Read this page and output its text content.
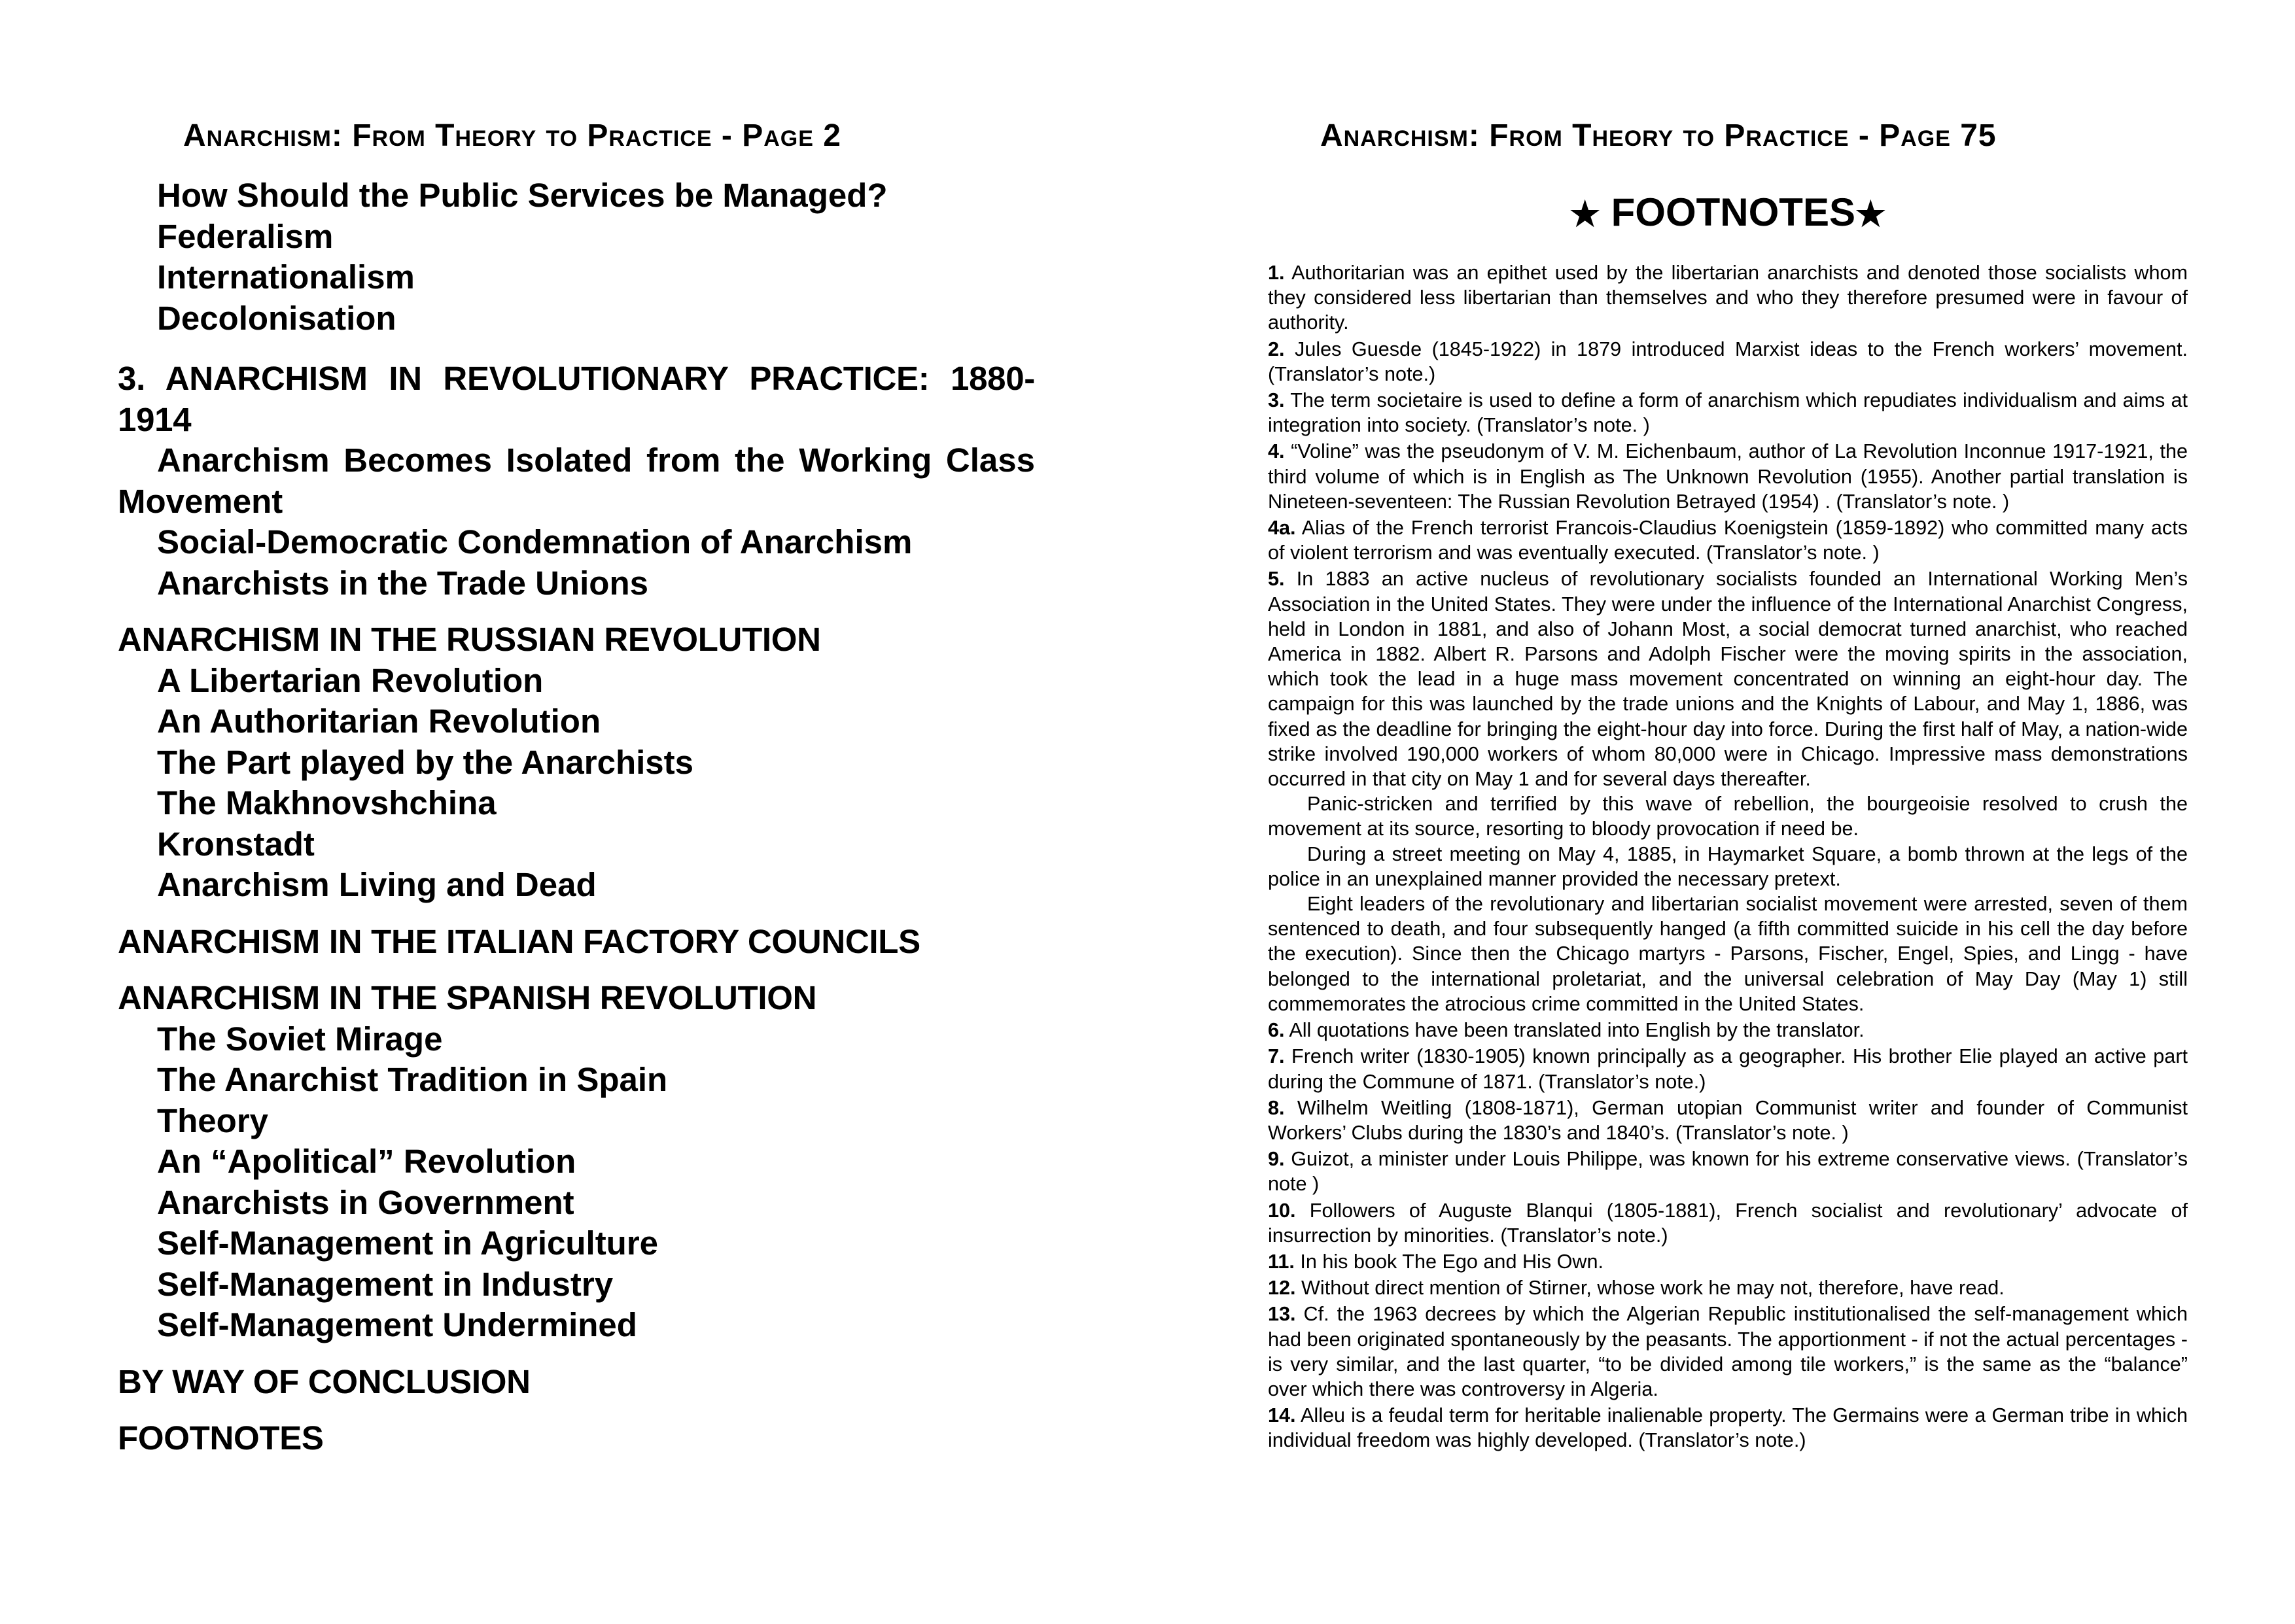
Anarchism: From Theory to Practice - Page 2
How Should the Public Services be Managed?
Federalism
Internationalism
Decolonisation
3. ANARCHISM IN REVOLUTIONARY PRACTICE: 1880-1914
Anarchism Becomes Isolated from the Working Class Movement
Social-Democratic Condemnation of Anarchism
Anarchists in the Trade Unions
ANARCHISM IN THE RUSSIAN REVOLUTION
A Libertarian Revolution
An Authoritarian Revolution
The Part played by the Anarchists
The Makhnovshchina
Kronstadt
Anarchism Living and Dead
ANARCHISM IN THE ITALIAN FACTORY COUNCILS
ANARCHISM IN THE SPANISH REVOLUTION
The Soviet Mirage
The Anarchist Tradition in Spain
Theory
An “Apolitical” Revolution
Anarchists in Government
Self-Management in Agriculture
Self-Management in Industry
Self-Management Undermined
BY WAY OF CONCLUSION
FOOTNOTES
Anarchism: From Theory to Practice - Page 75
★ FOOTNOTES★
1. Authoritarian was an epithet used by the libertarian anarchists and denoted those socialists whom they considered less libertarian than themselves and who they therefore presumed were in favour of authority.
2. Jules Guesde (1845-1922) in 1879 introduced Marxist ideas to the French workers’ movement. (Translator’s note.)
3. The term societaire is used to define a form of anarchism which repudiates individualism and aims at integration into society. (Translator’s note. )
4. “Voline” was the pseudonym of V. M. Eichenbaum, author of La Revolution Inconnue 1917-1921, the third volume of which is in English as The Unknown Revolution (1955). Another partial translation is Nineteen-seventeen: The Russian Revolution Betrayed (1954) . (Translator’s note. )
4a. Alias of the French terrorist Francois-Claudius Koenigstein (1859-1892) who committed many acts of violent terrorism and was eventually executed. (Translator’s note. )
5. In 1883 an active nucleus of revolutionary socialists founded an International Working Men’s Association in the United States. They were under the influence of the International Anarchist Congress, held in London in 1881, and also of Johann Most, a social democrat turned anarchist, who reached America in 1882. Albert R. Parsons and Adolph Fischer were the moving spirits in the association, which took the lead in a huge mass movement concentrated on winning an eight-hour day. The campaign for this was launched by the trade unions and the Knights of Labour, and May 1, 1886, was fixed as the deadline for bringing the eight-hour day into force. During the first half of May, a nation-wide strike involved 190,000 workers of whom 80,000 were in Chicago. Impressive mass demonstrations occurred in that city on May 1 and for several days thereafter.

Panic-stricken and terrified by this wave of rebellion, the bourgeoisie resolved to crush the movement at its source, resorting to bloody provocation if need be.

During a street meeting on May 4, 1885, in Haymarket Square, a bomb thrown at the legs of the police in an unexplained manner provided the necessary pretext.

Eight leaders of the revolutionary and libertarian socialist movement were arrested, seven of them sentenced to death, and four subsequently hanged (a fifth committed suicide in his cell the day before the execution). Since then the Chicago martyrs - Parsons, Fischer, Engel, Spies, and Lingg - have belonged to the international proletariat, and the universal celebration of May Day (May 1) still commemorates the atrocious crime committed in the United States.

6. All quotations have been translated into English by the translator.
7. French writer (1830-1905) known principally as a geographer. His brother Elie played an active part during the Commune of 1871. (Translator’s note.)
8. Wilhelm Weitling (1808-1871), German utopian Communist writer and founder of Communist Workers’ Clubs during the 1830’s and 1840’s. (Translator’s note. )
9. Guizot, a minister under Louis Philippe, was known for his extreme conservative views. (Translator’s note )
10. Followers of Auguste Blanqui (1805-1881), French socialist and revolutionary’ advocate of insurrection by minorities. (Translator’s note.)
11. In his book The Ego and His Own.
12. Without direct mention of Stirner, whose work he may not, therefore, have read.
13. Cf. the 1963 decrees by which the Algerian Republic institutionalised the self-management which had been originated spontaneously by the peasants. The apportionment - if not the actual percentages - is very similar, and the last quarter, “to be divided among tile workers,” is the same as the “balance” over which there was controversy in Algeria.
14. Alleu is a feudal term for heritable inalienable property. The Germains were a German tribe in which individual freedom was highly developed. (Translator’s note.)
